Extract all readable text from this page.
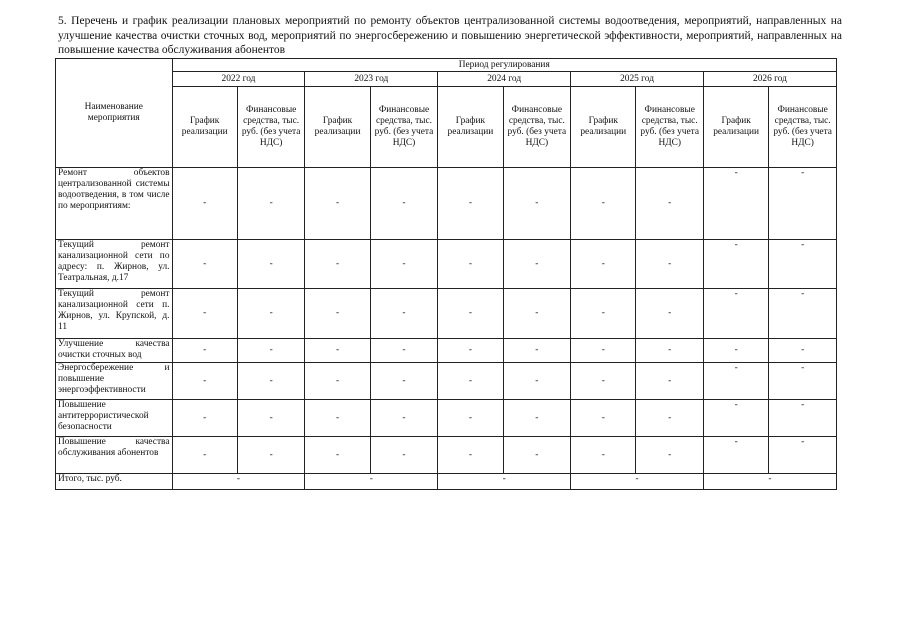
5. Перечень и график реализации плановых мероприятий по ремонту объектов централизованной системы водоотведения, мероприятий, направленных на улучшение качества очистки сточных вод, мероприятий по энергосбережению и повышению энергетической эффективности, мероприятий, направленных на повышение качества обслуживания абонентов
Наименование мероприятия	Период регулирования									
	2022 год		2023 год		2024 год		2025 год		2026 год	
	График реализации	Финансовые средства, тыс. руб. (без учета НДС)	График реализации	Финансовые средства, тыс. руб. (без учета НДС)	График реализации	Финансовые средства, тыс. руб. (без учета НДС)	График реализации	Финансовые средства, тыс. руб. (без учета НДС)	График реализации	Финансовые средства, тыс. руб. (без учета НДС)
Ремонт объектов централизованной системы водоотведения, в том числе по мероприятиям:	-	-	-	-	-	-	-	-	-	-
Текущий ремонт канализационной сети по адресу: п. Жирнов, ул. Театральная, д.17	-	-	-	-	-	-	-	-	-	-
Текущий ремонт канализационной сети п. Жирнов, ул. Крупской, д. 11	-	-	-	-	-	-	-	-	-	-
Улучшение качества очистки сточных вод	-	-	-	-	-	-	-	-	-	-
Энергосбережение и повышение энергоэффективности	-	-	-	-	-	-	-	-	-	-
Повышение антитеррористической безопасности	-	-	-	-	-	-	-	-	-	-
Повышение качества обслуживания абонентов	-	-	-	-	-	-	-	-	-	-
Итого, тыс. руб.	-		-		-		-		-	
